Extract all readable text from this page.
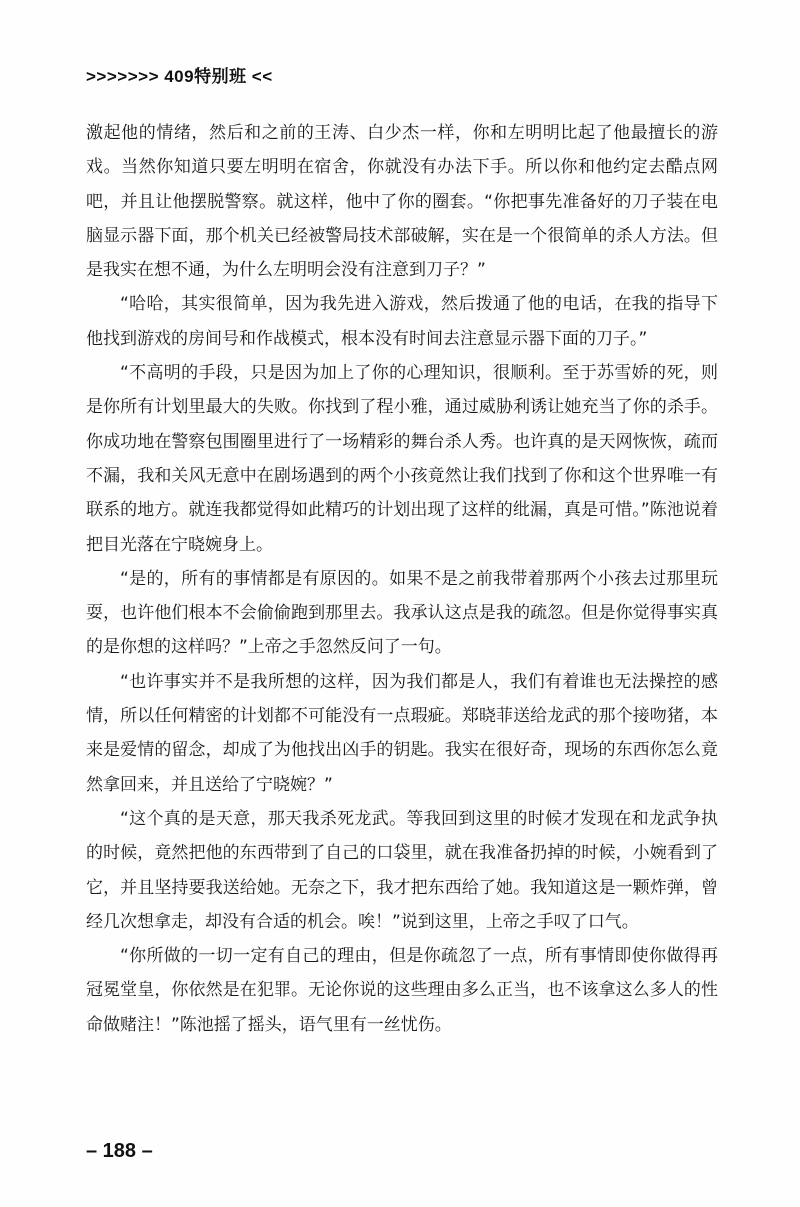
>>>>>>> 409特别班 <<

激起他的情绪，然后和之前的王涛、白少杰一样，你和左明明比起了他最擅长的游戏。当然你知道只要左明明在宿舍，你就没有办法下手。所以你和他约定去酷点网吧，并且让他摆脱警察。就这样，他中了你的圈套。“你把事先准备好的刀子装在电脑显示器下面，那个机关已经被警局技术部破解，实在是一个很简单的杀人方法。但是我实在想不通，为什么左明明会没有注意到刀子？”

“哈哈，其实很简单，因为我先进入游戏，然后拨通了他的电话，在我的指导下他找到游戏的房间号和作战模式，根本没有时间去注意显示器下面的刀子。”

“不高明的手段，只是因为加上了你的心理知识，很顺利。至于苏雪娇的死，则是你所有计划里最大的失败。你找到了程小雅，通过威胁利诱让她充当了你的杀手。你成功地在警察包围圈里进行了一场精彩的舞台杀人秀。也许真的是天网恢恢，疏而不漏，我和关风无意中在剧场遇到的两个小孩竟然让我们找到了你和这个世界唯一有联系的地方。就连我都觉得如此精巧的计划出现了这样的纰漏，真是可惜。”陈池说着把目光落在宁晓婉身上。

“是的，所有的事情都是有原因的。如果不是之前我带着那两个小孩去过那里玩耍，也许他们根本不会偷偷跑到那里去。我承认这点是我的疏忽。但是你觉得事实真的是你想的这样吗？”上帝之手忽然反问了一句。

“也许事实并不是我所想的这样，因为我们都是人，我们有着谁也无法操控的感情，所以任何精密的计划都不可能没有一点瑕疵。郑晓菲送给龙武的那个接吻猪，本来是爱情的留念，却成了为他找出凶手的钥匙。我实在很好奇，现场的东西你怎么竟然拿回来，并且送给了宁晓婉？”

“这个真的是天意，那天我杀死龙武。等我回到这里的时候才发现在和龙武争执的时候，竟然把他的东西带到了自己的口袋里，就在我准备扔掉的时候，小婉看到了它，并且坚持要我送给她。无奈之下，我才把东西给了她。我知道这是一颗炸弹，曾经几次想拿走，却没有合适的机会。唉！”说到这里，上帝之手叹了口气。

“你所做的一切一定有自己的理由，但是你疏忽了一点，所有事情即使你做得再冠冕堂皇，你依然是在犯罪。无论你说的这些理由多么正当，也不该拿这么多人的性命做赌注！”陈池摇了摇头，语气里有一丝忧伤。

– 188 –
